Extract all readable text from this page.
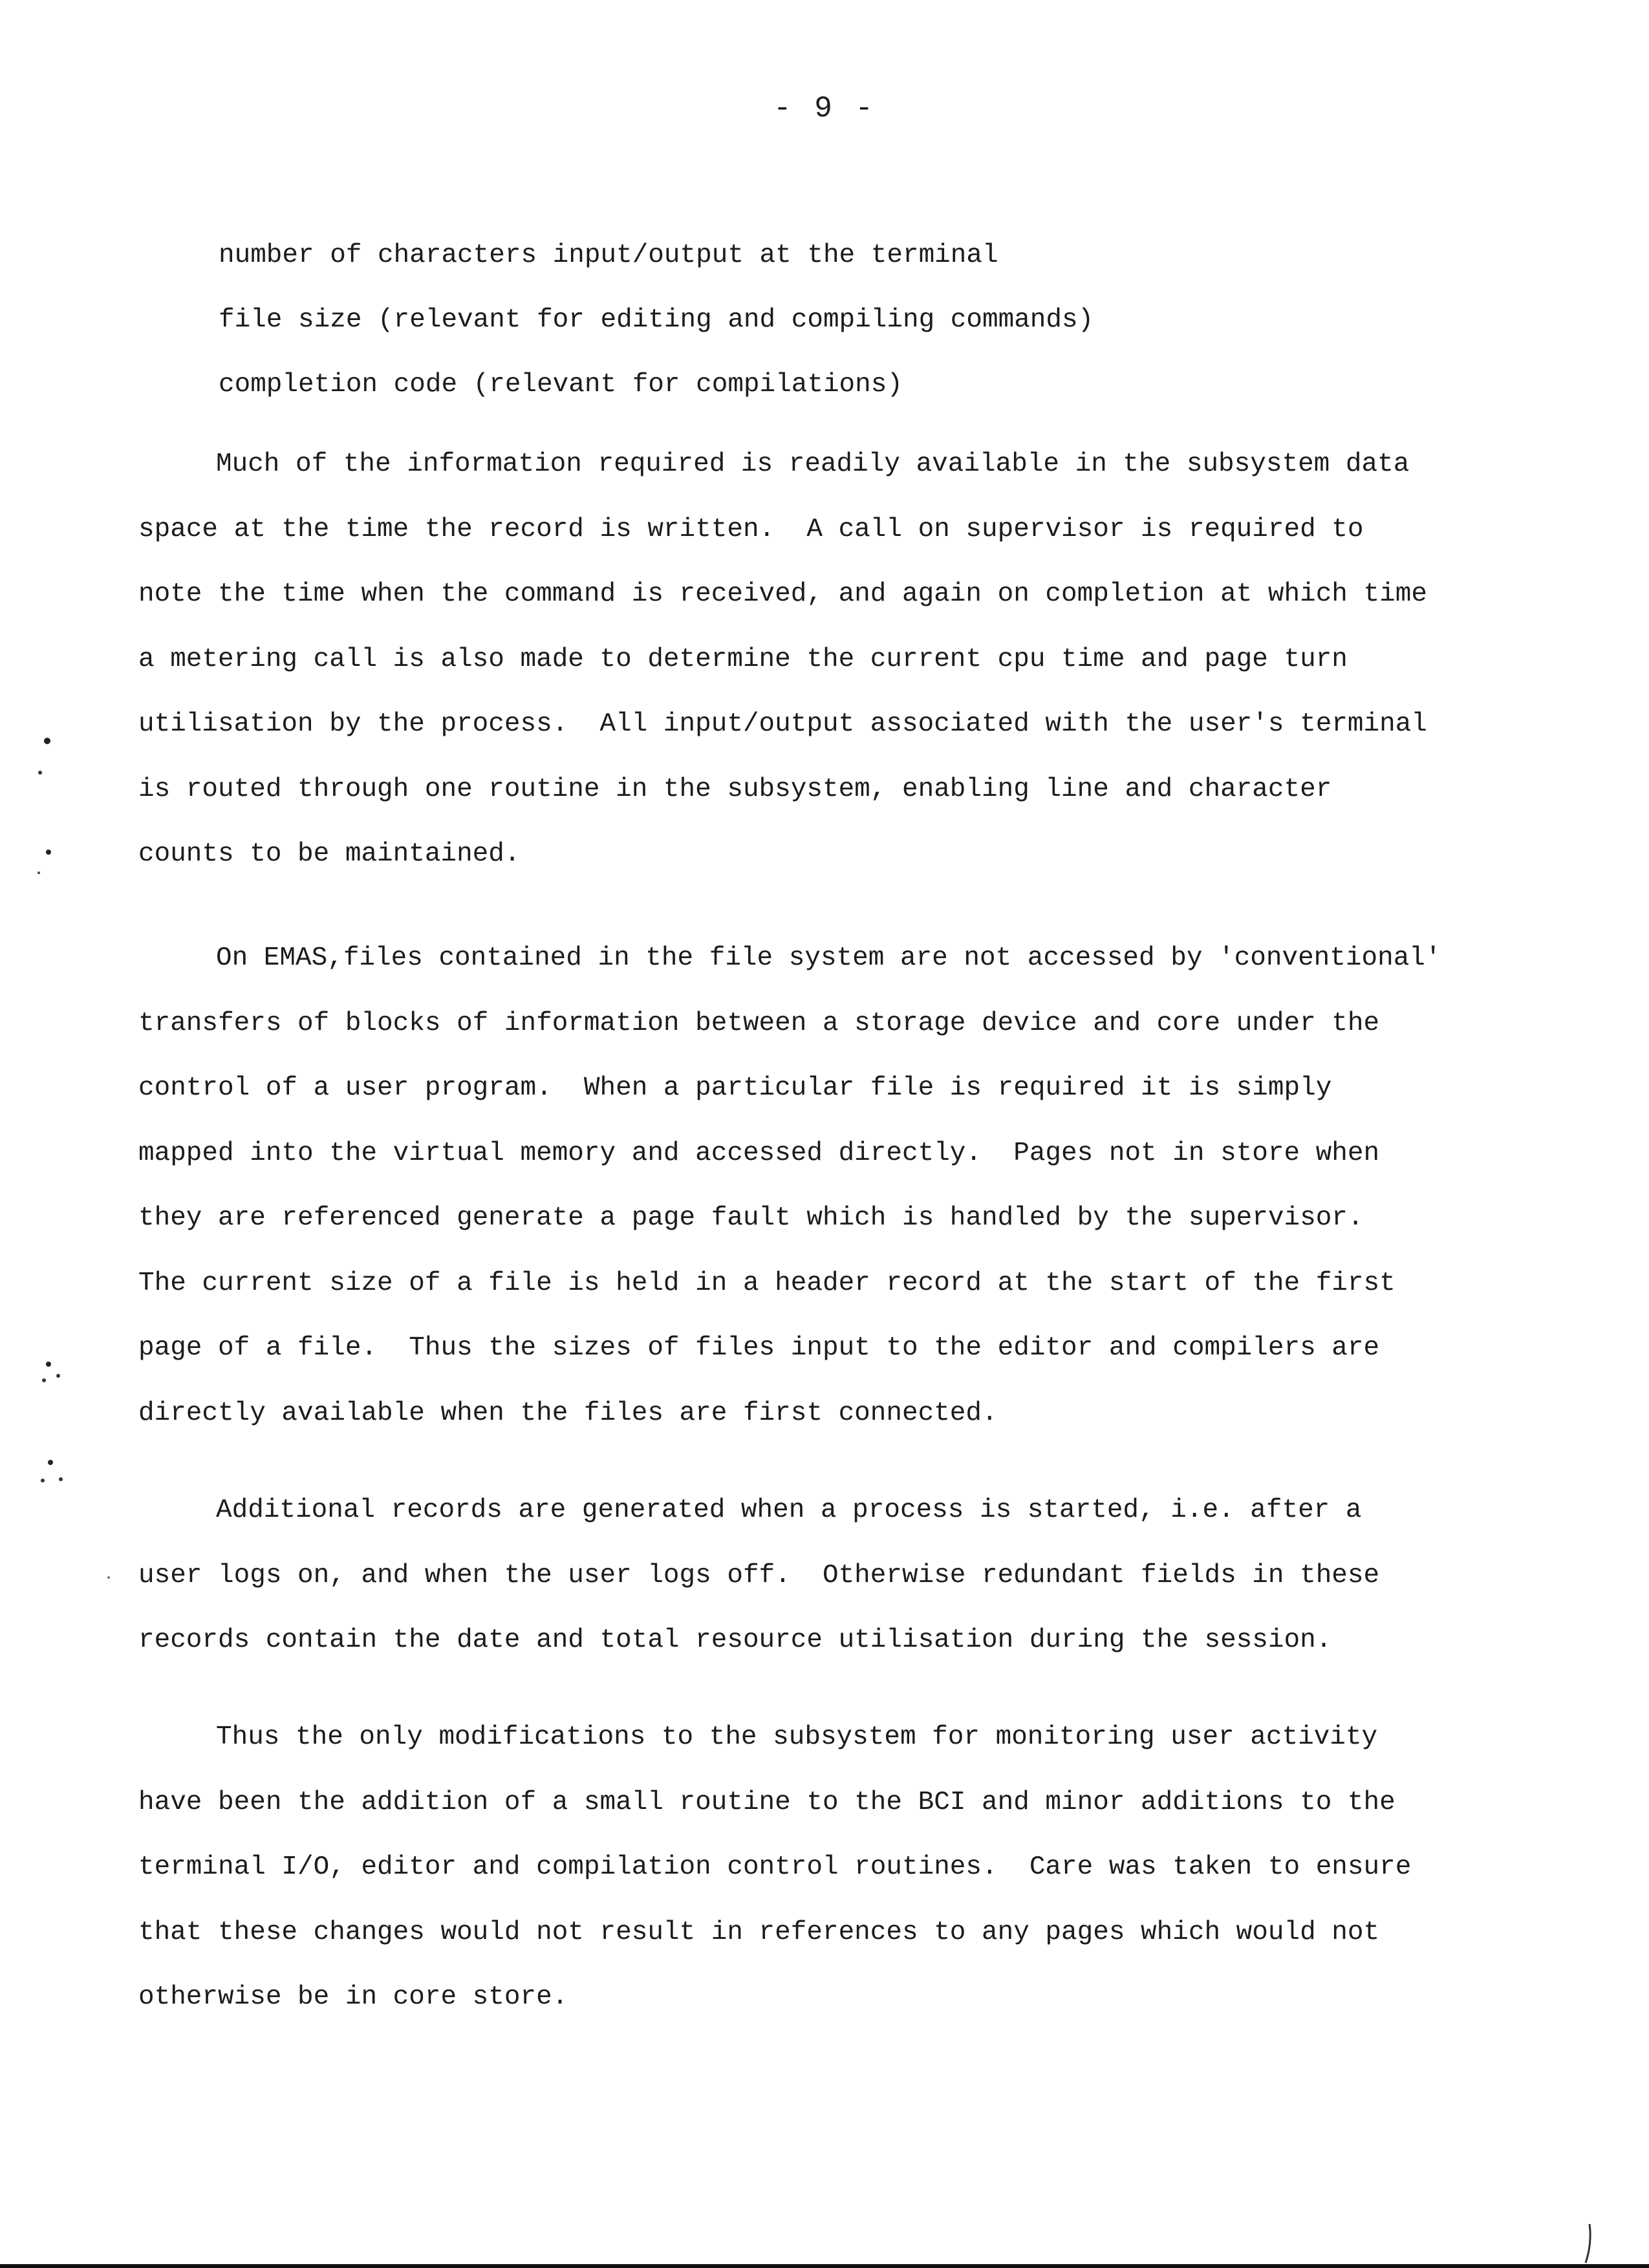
- 9 -
number of characters input/output at the terminal
file size (relevant for editing and compiling commands)
completion code (relevant for compilations)
Much of the information required is readily available in the subsystem data
space at the time the record is written.  A call on supervisor is required to
note the time when the command is received, and again on completion at which time
a metering call is also made to determine the current cpu time and page turn
utilisation by the process.  All input/output associated with the user's terminal
is routed through one routine in the subsystem, enabling line and character
counts to be maintained.
On EMAS,files contained in the file system are not accessed by 'conventional'
transfers of blocks of information between a storage device and core under the
control of a user program.  When a particular file is required it is simply
mapped into the virtual memory and accessed directly.  Pages not in store when
they are referenced generate a page fault which is handled by the supervisor.
The current size of a file is held in a header record at the start of the first
page of a file.  Thus the sizes of files input to the editor and compilers are
directly available when the files are first connected.
Additional records are generated when a process is started, i.e. after a
user logs on, and when the user logs off.  Otherwise redundant fields in these
records contain the date and total resource utilisation during the session.
Thus the only modifications to the subsystem for monitoring user activity
have been the addition of a small routine to the BCI and minor additions to the
terminal I/O, editor and compilation control routines.  Care was taken to ensure
that these changes would not result in references to any pages which would not
otherwise be in core store.
